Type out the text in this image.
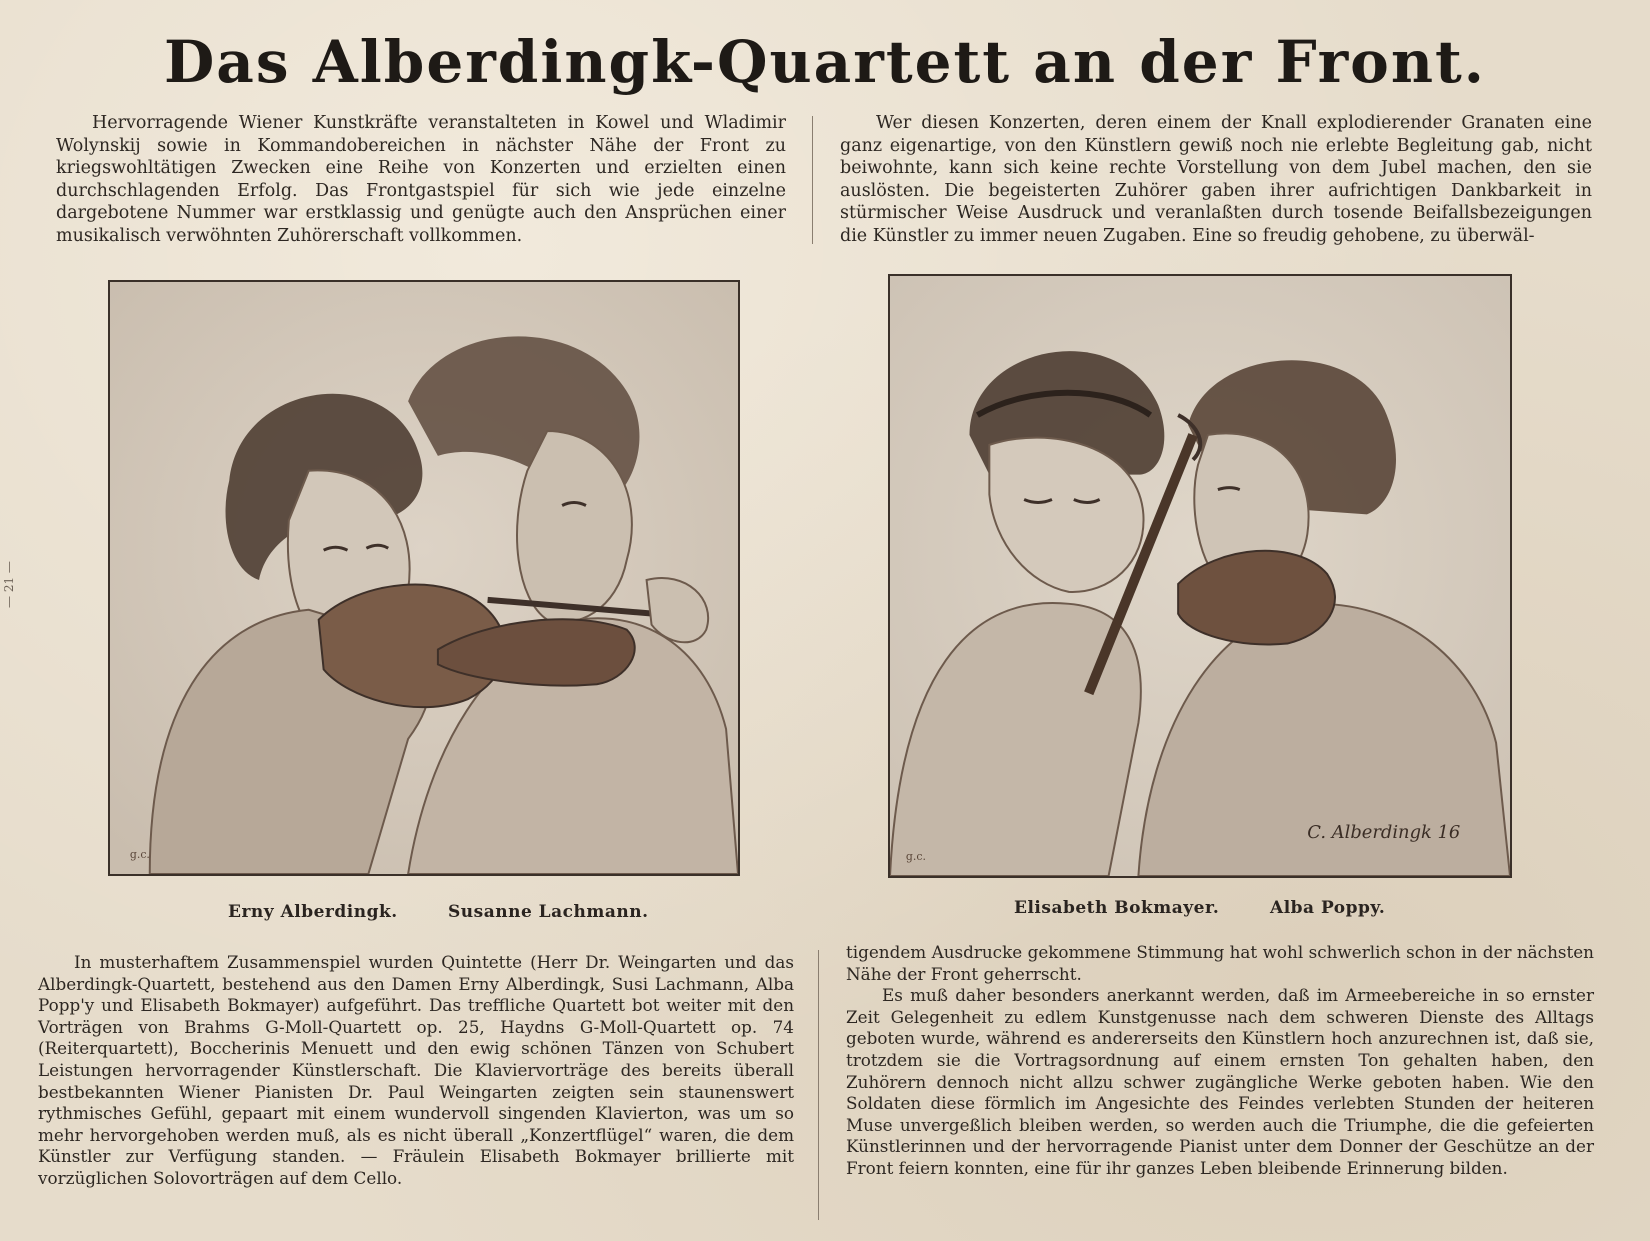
Das Alberdingk-Quartett an der Front.

Hervorragende Wiener Kunstkräfte veranstalteten in Kowel und Wladimir Wolynskij sowie in Kommandobereichen in nächster Nähe der Front zu kriegswohltätigen Zwecken eine Reihe von Konzerten und erzielten einen durchschlagenden Erfolg. Das Frontgastspiel für sich wie jede einzelne dargebotene Nummer war erstklassig und genügte auch den Ansprüchen einer musikalisch verwöhnten Zuhörerschaft vollkommen.

Wer diesen Konzerten, deren einem der Knall explodierender Granaten eine ganz eigenartige, von den Künstlern gewiß noch nie erlebte Begleitung gab, nicht beiwohnte, kann sich keine rechte Vorstellung von dem Jubel machen, den sie auslösten. Die begeisterten Zuhörer gaben ihrer aufrichtigen Dankbarkeit in stürmischer Weise Ausdruck und veranlaßten durch tosende Beifallsbezeigungen die Künstler zu immer neuen Zugaben. Eine so freudig gehobene, zu überwäl-

g.c.
Erny Alberdingk.	Susanne Lachmann.
g.c.
C. Alberdingk 16
Elisabeth Bokmayer.	Alba Poppy.

In musterhaftem Zusammenspiel wurden Quintette (Herr Dr. Weingarten und das Alberdingk-Quartett, bestehend aus den Damen Erny Alberdingk, Susi Lachmann, Alba Popp'y und Elisabeth Bokmayer) aufgeführt. Das treffliche Quartett bot weiter mit den Vorträgen von Brahms G-Moll-Quartett op. 25, Haydns G-Moll-Quartett op. 74 (Reiterquartett), Boccherinis Menuett und den ewig schönen Tänzen von Schubert Leistungen hervorragender Künstlerschaft. Die Klaviervorträge des bereits überall bestbekannten Wiener Pianisten Dr. Paul Weingarten zeigten sein staunenswert rythmisches Gefühl, gepaart mit einem wundervoll singenden Klavierton, was um so mehr hervorgehoben werden muß, als es nicht überall „Konzertflügel“ waren, die dem Künstler zur Verfügung standen. — Fräulein Elisabeth Bokmayer brillierte mit vorzüglichen Solovorträgen auf dem Cello.

tigendem Ausdrucke gekommene Stimmung hat wohl schwerlich schon in der nächsten Nähe der Front geherrscht.

Es muß daher besonders anerkannt werden, daß im Armeebereiche in so ernster Zeit Gelegenheit zu edlem Kunstgenusse nach dem schweren Dienste des Alltags geboten wurde, während es andererseits den Künstlern hoch anzurechnen ist, daß sie, trotzdem sie die Vortragsordnung auf einem ernsten Ton gehalten haben, den Zuhörern dennoch nicht allzu schwer zugängliche Werke geboten haben. Wie den Soldaten diese förmlich im Angesichte des Feindes verlebten Stunden der heiteren Muse unvergeßlich bleiben werden, so werden auch die Triumphe, die die gefeierten Künstlerinnen und der hervorragende Pianist unter dem Donner der Geschütze an der Front feiern konnten, eine für ihr ganzes Leben bleibende Erinnerung bilden.

— 21 —
